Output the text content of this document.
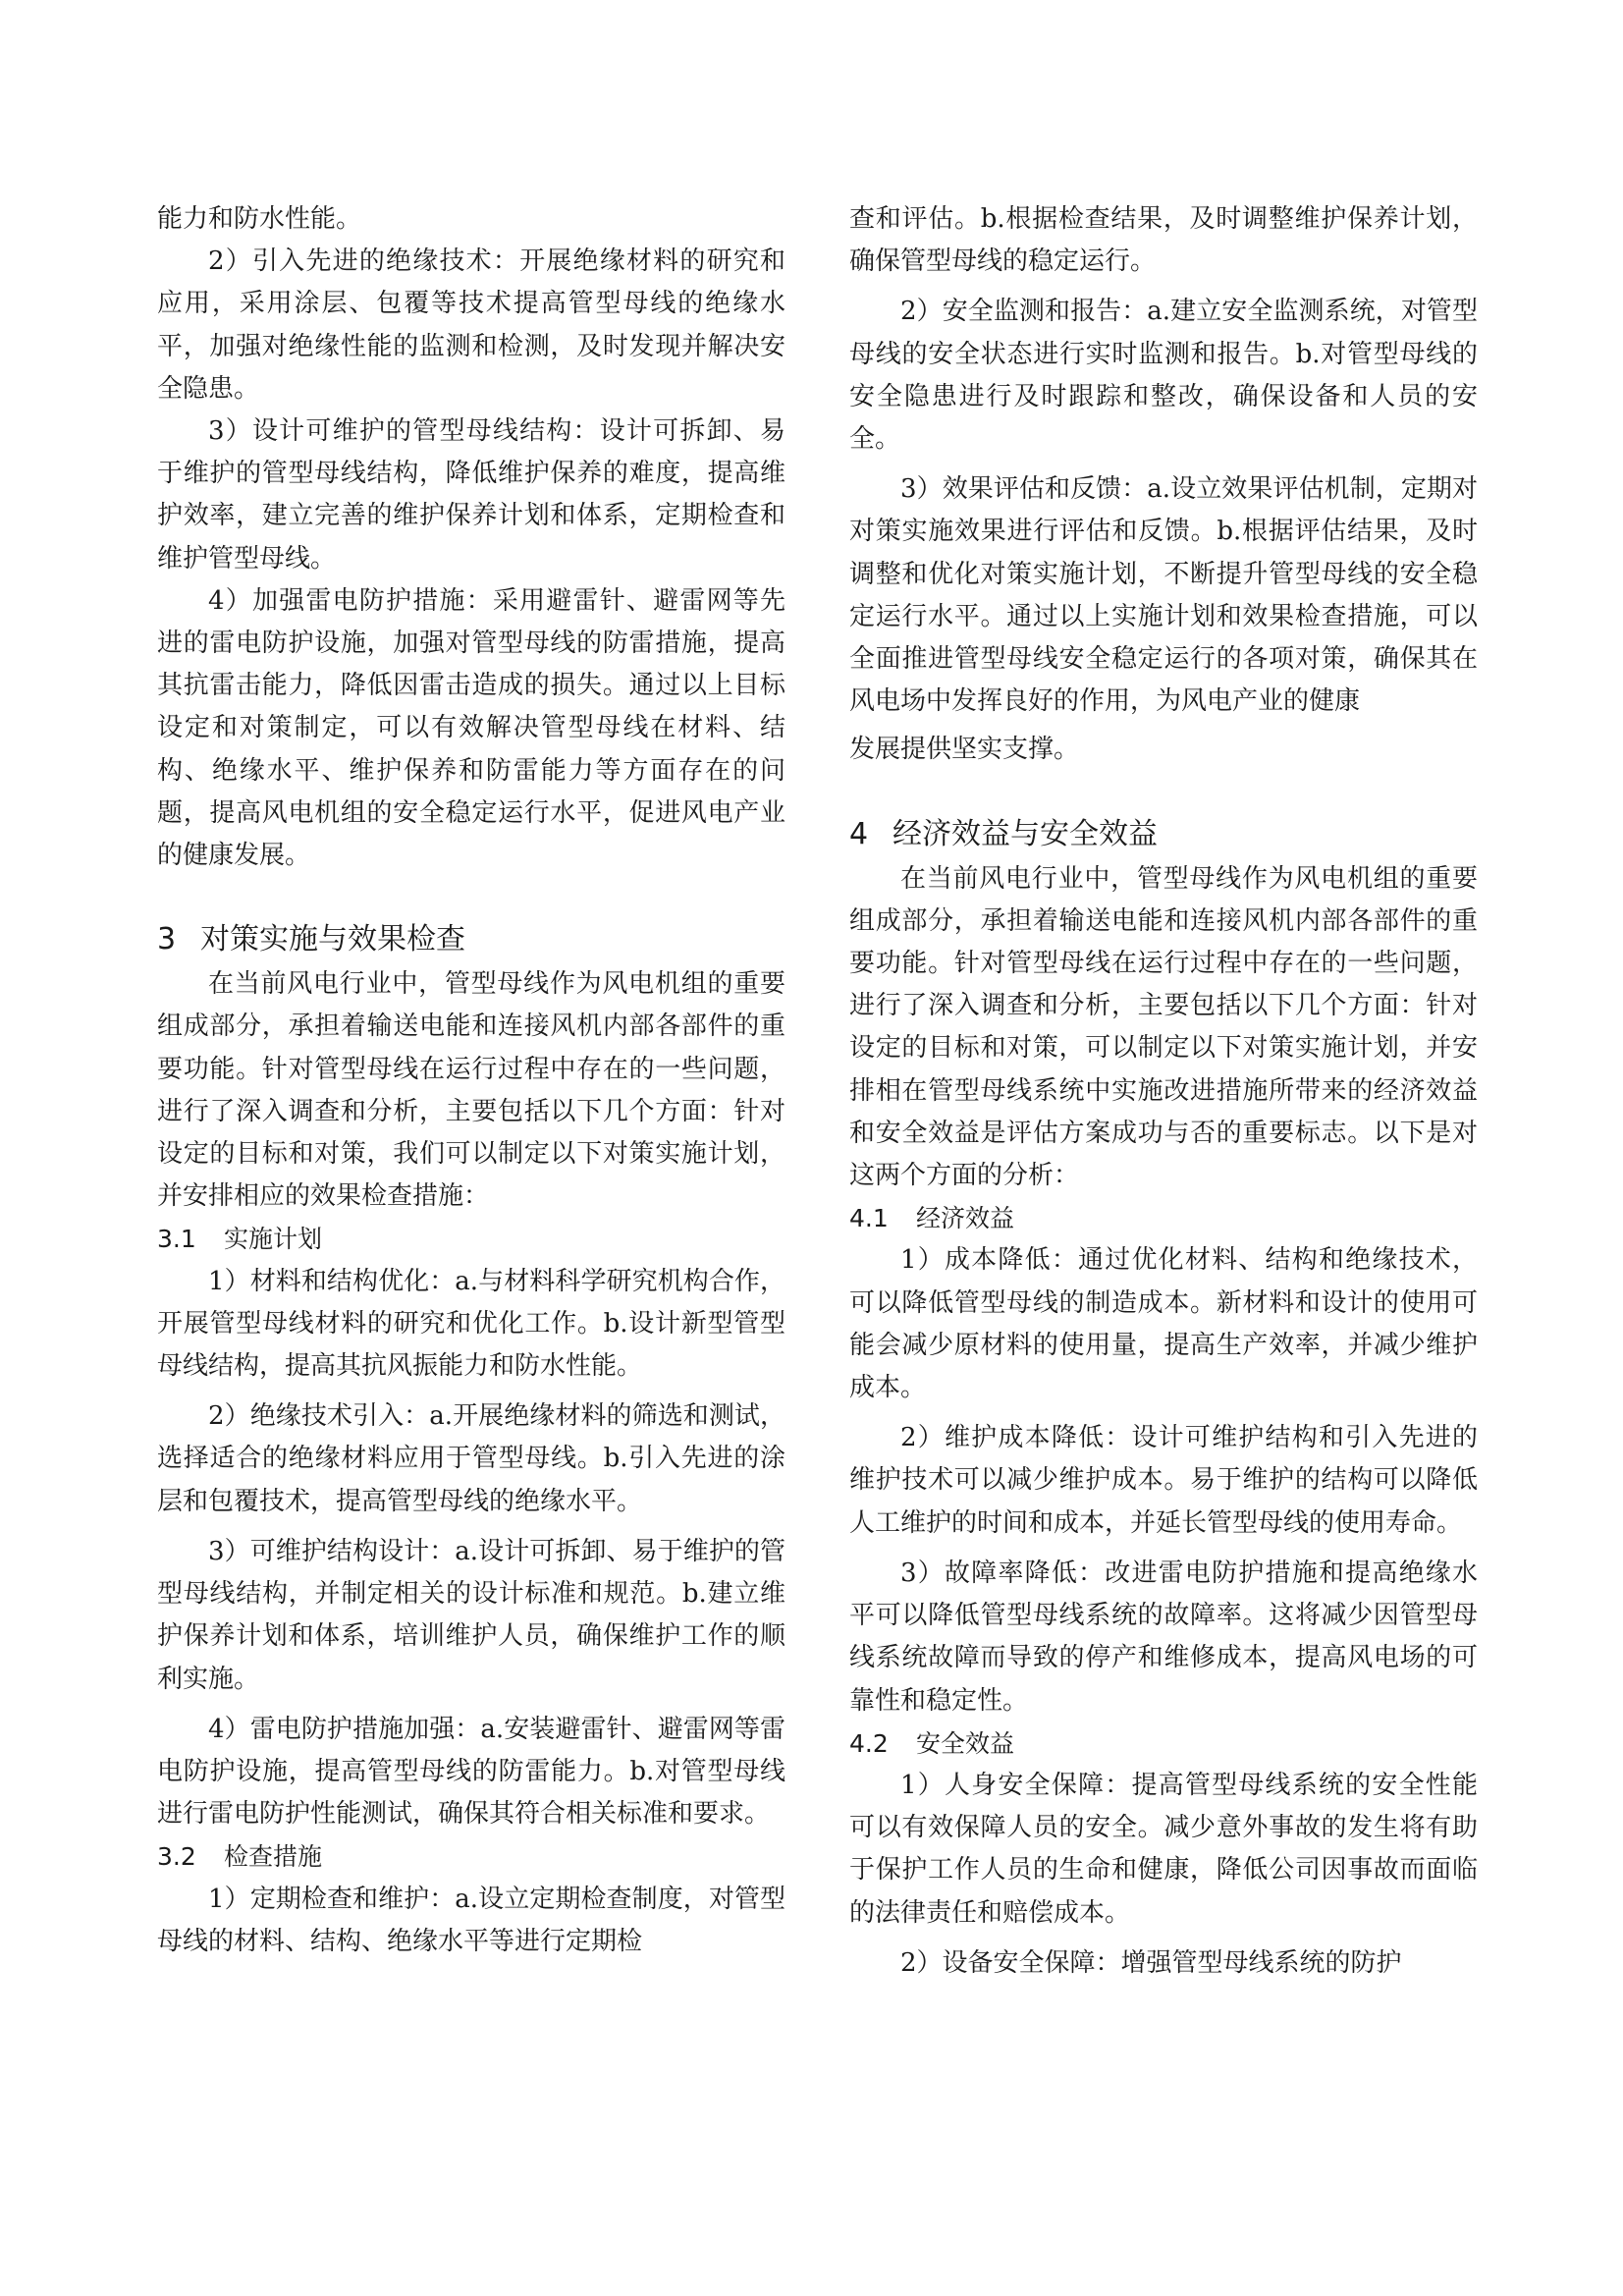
能力和防水性能。

2）引入先进的绝缘技术：开展绝缘材料的研究和应用，采用涂层、包覆等技术提高管型母线的绝缘水平，加强对绝缘性能的监测和检测，及时发现并解决安全隐患。

3）设计可维护的管型母线结构：设计可拆卸、易于维护的管型母线结构，降低维护保养的难度，提高维护效率，建立完善的维护保养计划和体系，定期检查和维护管型母线。

4）加强雷电防护措施：采用避雷针、避雷网等先进的雷电防护设施，加强对管型母线的防雷措施，提高其抗雷击能力，降低因雷击造成的损失。通过以上目标设定和对策制定，可以有效解决管型母线在材料、结构、绝缘水平、维护保养和防雷能力等方面存在的问题，提高风电机组的安全稳定运行水平，促进风电产业的健康发展。

3 对策实施与效果检查

在当前风电行业中，管型母线作为风电机组的重要组成部分，承担着输送电能和连接风机内部各部件的重要功能。针对管型母线在运行过程中存在的一些问题，进行了深入调查和分析，主要包括以下几个方面：针对设定的目标和对策，我们可以制定以下对策实施计划，并安排相应的效果检查措施：

3.1 实施计划

1）材料和结构优化：a.与材料科学研究机构合作，开展管型母线材料的研究和优化工作。b.设计新型管型母线结构，提高其抗风振能力和防水性能。

2）绝缘技术引入：a.开展绝缘材料的筛选和测试，选择适合的绝缘材料应用于管型母线。b.引入先进的涂层和包覆技术，提高管型母线的绝缘水平。

3）可维护结构设计：a.设计可拆卸、易于维护的管型母线结构，并制定相关的设计标准和规范。b.建立维护保养计划和体系，培训维护人员，确保维护工作的顺利实施。

4）雷电防护措施加强：a.安装避雷针、避雷网等雷电防护设施，提高管型母线的防雷能力。b.对管型母线进行雷电防护性能测试，确保其符合相关标准和要求。

3.2 检查措施

1）定期检查和维护：a.设立定期检查制度，对管型母线的材料、结构、绝缘水平等进行定期检

查和评估。b.根据检查结果，及时调整维护保养计划，确保管型母线的稳定运行。

2）安全监测和报告：a.建立安全监测系统，对管型母线的安全状态进行实时监测和报告。b.对管型母线的安全隐患进行及时跟踪和整改，确保设备和人员的安全。

3）效果评估和反馈：a.设立效果评估机制，定期对对策实施效果进行评估和反馈。b.根据评估结果，及时调整和优化对策实施计划，不断提升管型母线的安全稳定运行水平。通过以上实施计划和效果检查措施，可以全面推进管型母线安全稳定运行的各项对策，确保其在风电场中发挥良好的作用，为风电产业的健康

发展提供坚实支撑。

4 经济效益与安全效益

在当前风电行业中，管型母线作为风电机组的重要组成部分，承担着输送电能和连接风机内部各部件的重要功能。针对管型母线在运行过程中存在的一些问题，进行了深入调查和分析，主要包括以下几个方面：针对设定的目标和对策，可以制定以下对策实施计划，并安排相在管型母线系统中实施改进措施所带来的经济效益和安全效益是评估方案成功与否的重要标志。以下是对这两个方面的分析：

4.1 经济效益

1）成本降低：通过优化材料、结构和绝缘技术，可以降低管型母线的制造成本。新材料和设计的使用可能会减少原材料的使用量，提高生产效率，并减少维护成本。

2）维护成本降低：设计可维护结构和引入先进的维护技术可以减少维护成本。易于维护的结构可以降低人工维护的时间和成本，并延长管型母线的使用寿命。

3）故障率降低：改进雷电防护措施和提高绝缘水平可以降低管型母线系统的故障率。这将减少因管型母线系统故障而导致的停产和维修成本，提高风电场的可靠性和稳定性。

4.2 安全效益

1）人身安全保障：提高管型母线系统的安全性能可以有效保障人员的安全。减少意外事故的发生将有助于保护工作人员的生命和健康，降低公司因事故而面临的法律责任和赔偿成本。

2）设备安全保障：增强管型母线系统的防护
